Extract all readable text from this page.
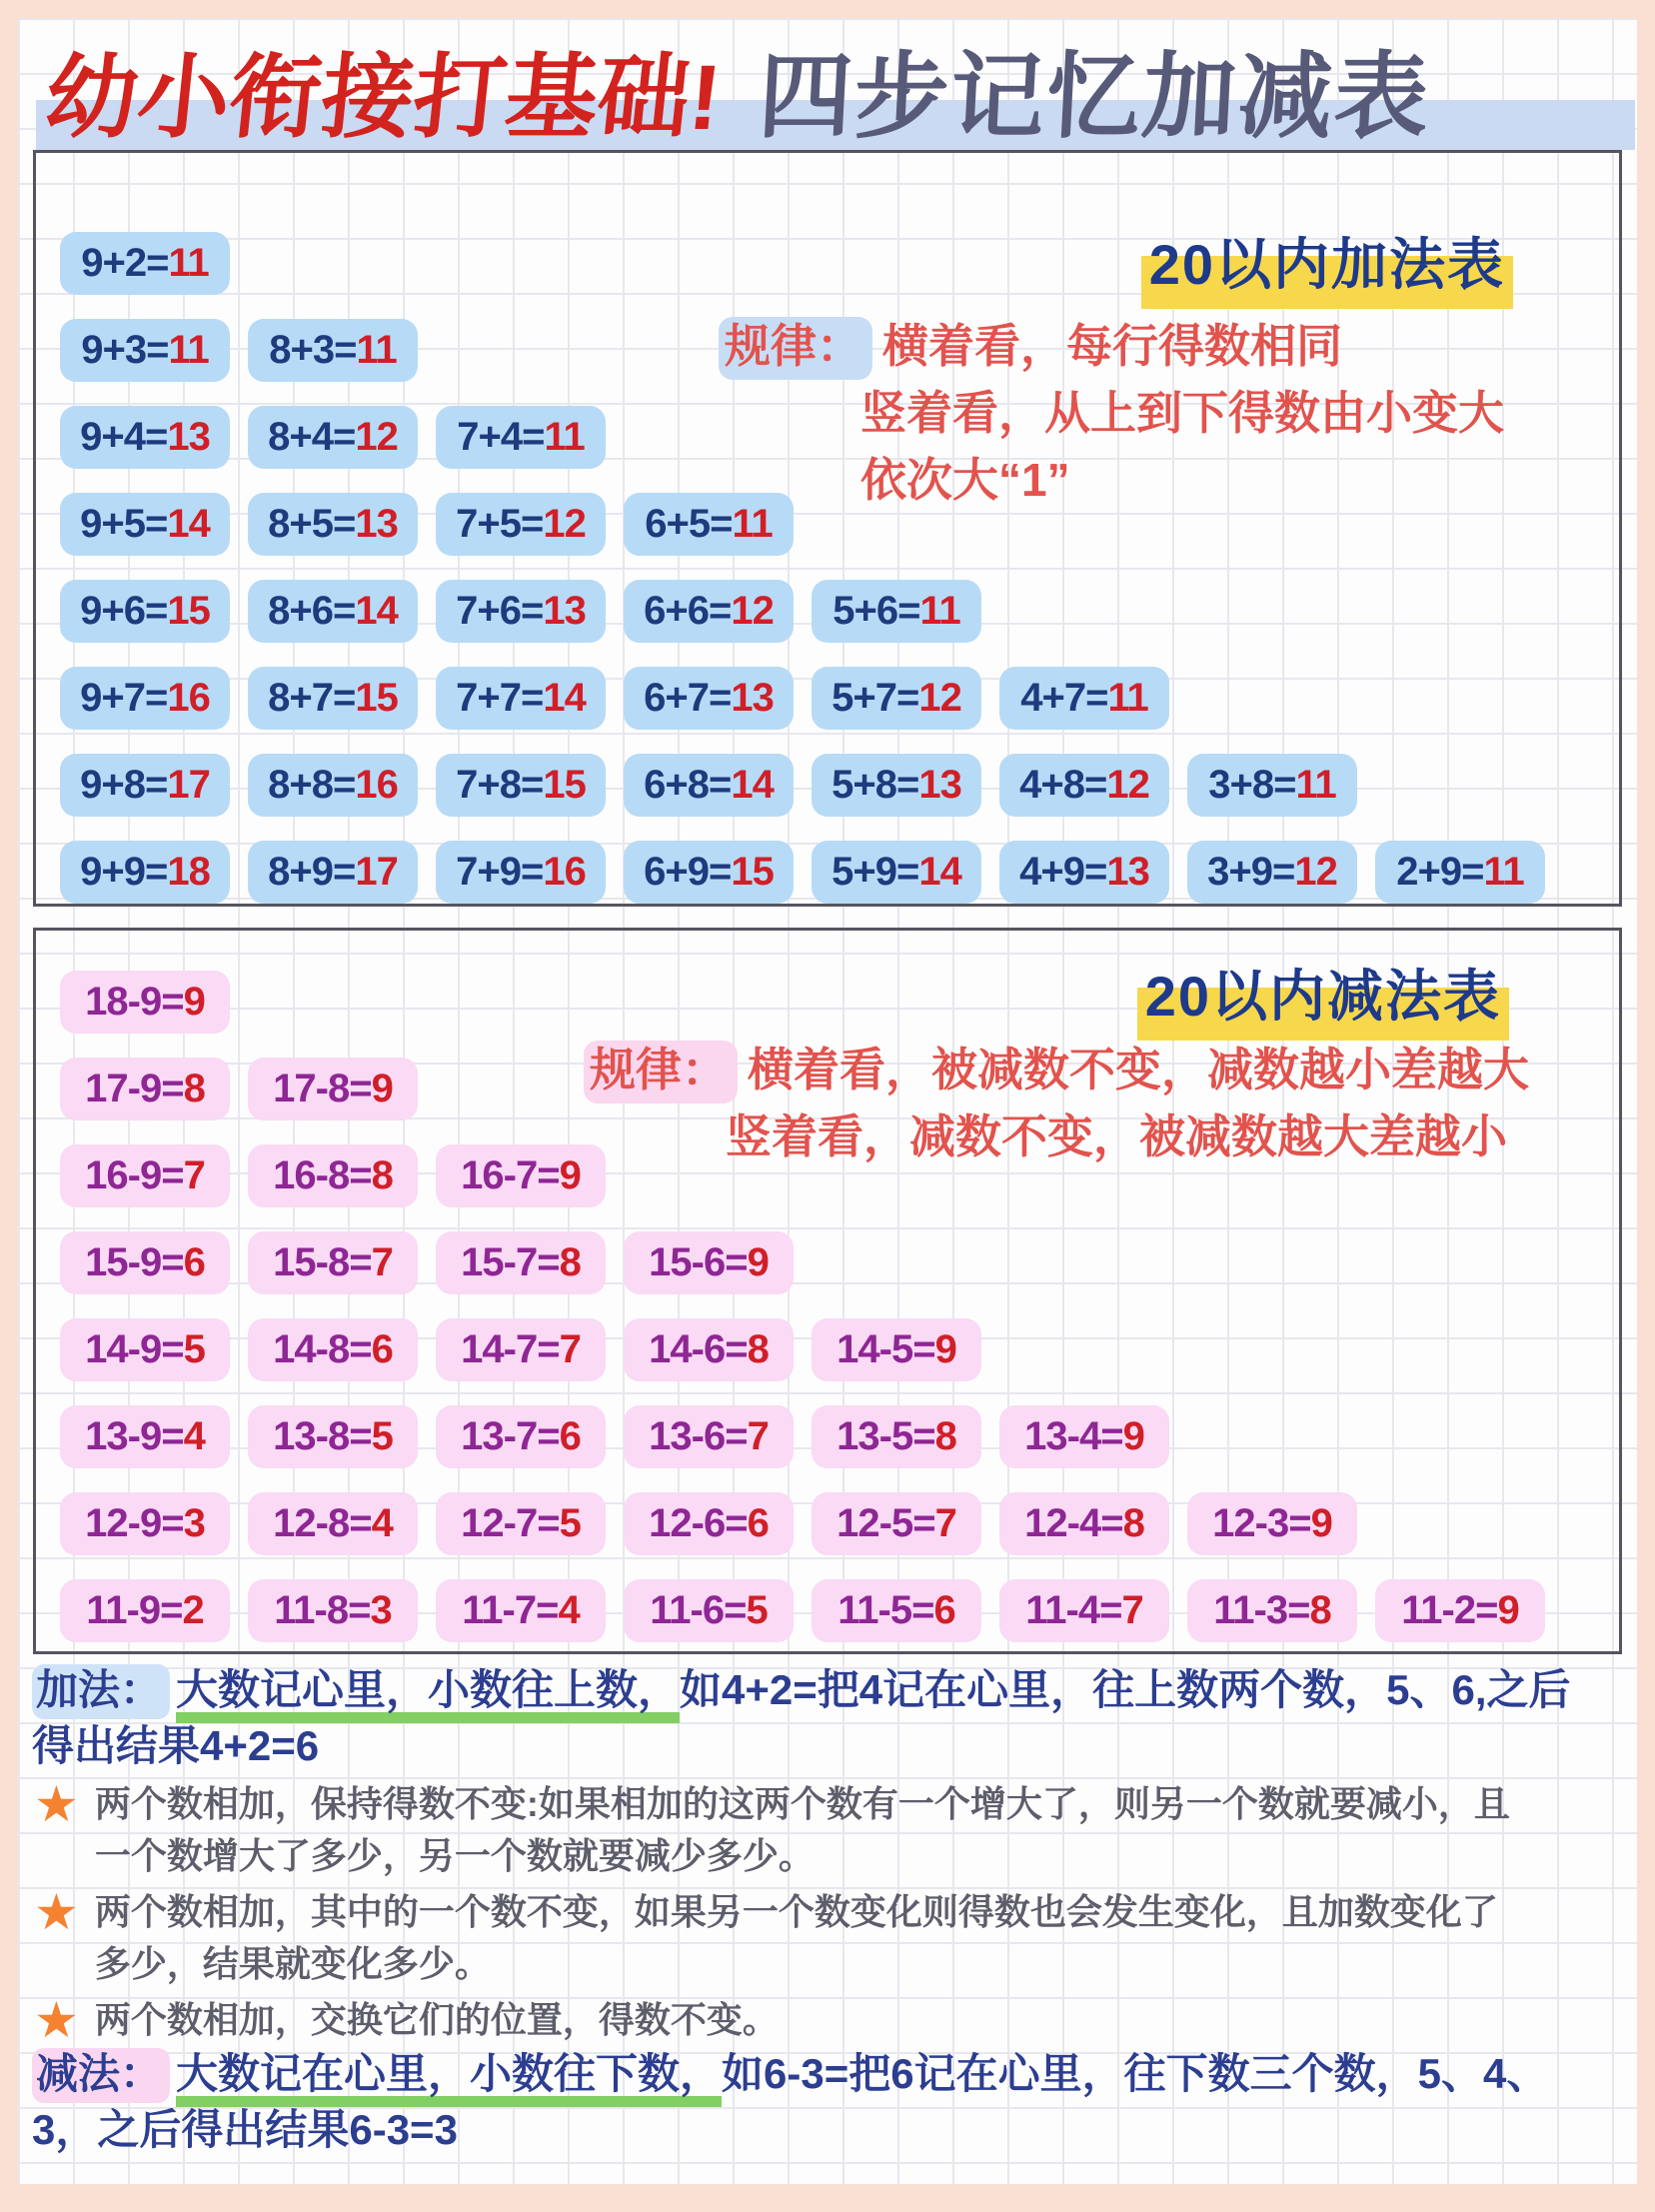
幼小衔接打基础! 四步记忆加减表
20以内加法表
规律： 横着看，每行得数相同
竖着看，从上到下得数由小变大
依次大“1”
9+2= 11
9+3= 11 8+3= 11
9+4= 13 8+4= 12 7+4= 11
9+5= 14 8+5= 13 7+5= 12 6+5= 11
9+6= 15 8+6= 14 7+6= 13 6+6= 12 5+6= 11
9+7= 16 8+7= 15 7+7= 14 6+7= 13 5+7= 12 4+7= 11
9+8= 17 8+8= 16 7+8= 15 6+8= 14 5+8= 13 4+8= 12 3+8= 11
9+9= 18 8+9= 17 7+9= 16 6+9= 15 5+9= 14 4+9= 13 3+9= 12 2+9= 11
20以内减法表
规律： 横着看，被减数不变，减数越小差越大
竖着看，减数不变，被减数越大差越小
18-9= 9
17-9= 8 17-8= 9
16-9= 7 16-8= 8 16-7= 9
15-9= 6 15-8= 7 15-7= 8 15-6= 9
14-9= 5 14-8= 6 14-7= 7 14-6= 8 14-5= 9
13-9= 4 13-8= 5 13-7= 6 13-6= 7 13-5= 8 13-4= 9
12-9= 3 12-8= 4 12-7= 5 12-6= 6 12-5= 7 12-4= 8 12-3= 9
11-9= 2 11-8= 3 11-7= 4 11-6= 5 11-5= 6 11-4= 7 11-3= 8 11-2= 9

加法： 大数记心里，小数往上数，如4+2=把4记在心里，往上数两个数，5、6,之后

得出结果4+2=6

★ 两个数相加，保持得数不变:如果相加的这两个数有一个增大了，则另一个数就要减小，且
一个数增大了多少，另一个数就要减少多少。
★ 两个数相加，其中的一个数不变，如果另一个数变化则得数也会发生变化，且加数变化了
多少，结果就变化多少。
★ 两个数相加，交换它们的位置，得数不变。

减法： 大数记在心里，小数往下数，如6-3=把6记在心里，往下数三个数，5、4、

3，之后得出结果6-3=3
